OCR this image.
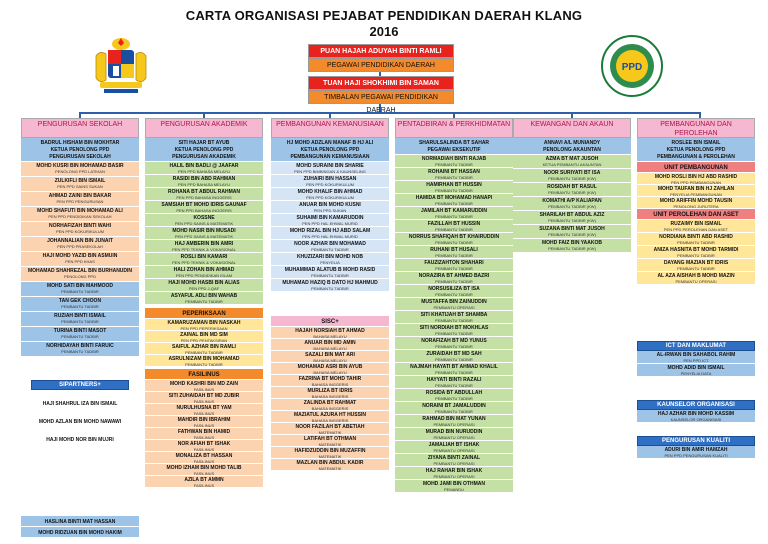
CARTA ORGANISASI PEJABAT PENDIDIKAN DAERAH KLANG
2016
PPD
PUAN HAJAH ADUYAH BINTI RAMLI
PEGAWAI PENDIDIKAN DAERAH
TUAN HAJI SHOKHIMI BIN SAMAN
TIMBALAN PEGAWAI PENDIDIKAN DAERAH
PENGURUSAN SEKOLAH
BADRUL HISHAM BIN MOKHTAR
KETUA PENOLONG PPD
PENGURUSAN SEKOLAH
MOHD KUSRI BIN MOHAMAD BASIR
PENOLONG PPD LATIHAN
ZULKIFLI BIN ISMAIL
PEN PPD SAINS SUKAN
AHMAD ZAINI BIN BAKAR
PEN PPD PENGURUSAN
MOHD SHAFUTI BIN MOHAMAD ALI
PEN PPD PENDIDIKAN SEKOLAH
NORHAFIZAH BINTI WAHI
PEN PPD KOKURIKULUM
JOHANNALIAN BIN JUNAIT
PEN PPD PRASEKOLAH
HAJI MOHD YAZID BIN ASMUIN
PEN PPD KHAS
MOHAMAD SHAHREZAL BIN BURHANUDIN
PENOLONG PPD
MOHD SATI BIN MAHMOOD
PEMBANTU TADBIR
TAN GEK CHOON
PEMBANTU TADBIR
RUZIAH BINTI ISMAIL
PEMBANTU TADBIR
TURINA BINTI MASOT
PEMBANTU TADBIR
NORHIDAYAH BINTI FARUIC
PEMBANTU TADBIR
PENGURUSAN AKADEMIK
SITI HAJAR BT AYUB
KETUA PENOLONG PPD
PENGURUSAN AKADEMIK
HALIL BIN BADLI @ JAAFAR
PEN PPD BAHASA MELAYU
RASIDI BIN ABD RAHMAN
PEN PPD BAHASA MELAYU
ROHANA BT ABDUL RAHMAN
PEN PPD BAHASA INGGERIS
SAMSIAH BT MOHD IDRIS GAUNAF
PEN PPD BAHASA INGGERIS
KOSSNE
PEN PPD SAINS & MATEMATIK
MOHD NASIR BIN MUSADI
PEN PPD SAINS & MATEMATIK
HAJ AMBERIN BIN AMRI
PEN PPD TEKNIK & VOKASIONAL
ROSLI BIN KAMARI
PEN PPD TEKNIK & VOKASIONAL
HALI ZOHAN BIN AHMAD
PEN PPD PENDIDIKAN ISLAM
HAJI MOHD HASBI BIN ALIAS
PEN PPD J-QAF
ASYAFUL ADLI BIN WAHAB
PEMBANTU TADBIR
PEPERIKSAAN
KAMARUZAMAN BIN NASKAH
PEN PPD PEPERIKSAAN
ZAINAL BIN MD SIM
PEN PPD PENTAKSIRAN
SAIFUL AZHAR BIN RAMLI
PEMBANTU TADBIR
ASRULNIZAM BIN MOHAMAD
PEMBANTU TADBIR
FASILINUS
MOHD KASHRI BIN MD ZAIN
FASILINUS
SITI ZUHAIDAH BT MD ZUBIR
FASILINUS
NURULHUSNA BT YAM
FASILINUS
MAHDIR BIN IBRAHIM
FASILINUS
FATHWAN BIN HAMID
FASILINUS
NOR AFIAH BT ISHAK
FASILINUS
MONALIZA BT HASSAN
FASILINUS
MOHD IZHAM BIN MOHD TALIB
FASILINUS
AZILA BT AMMN
FASILINUS
PEMBANGUNAN KEMANUSIAAN
HJ MOHD ADZLAN MANAF B HJ ALI
KETUA PENOLONG PPD
PEMBANGUNAN KEMANUSIAAN
MOHD SURAINI BIN SHARIE
PEN PPD BIMBINGAN & KAUNSELING
ZUHAIRI BIN HASSAN
PEN PPD KOKURIKULUM
MOHD KHALIF BIN AHMAD
PEN PPD KOKURIKULUM
ANUAR BIN MOHD KUSNI
PEN PPD SUKAN
SUHAIMI BIN KAMARUDDIN
PEN PPD HAL EHWAL MURID
MOHD RIZAL BIN HJ ABD SALAM
PEN PPD HAL EHWAL MURID
NOOR AZHAR BIN MOHAMAD
PEMBANTU TADBIR
KHUZIZARI BIN MOHD NOB
PENYELIA
MUHAMMAD ALATUB B MOHD RASID
PEMBANTU TADBIR
MUHAMAD HAZIQ B DATO HJ MAHMUD
PEMBANTU TADBIR
SISC+
HAJAH NORSIAH BT AHMAD
BAHASA MELAYU
ANUAR BIN MD AMIN
BAHASA MELAYU
SAZALI BIN MAT ARI
BAHASA MELAYU
MOHAMAD ASRI BIN AYUB
BAHASA MELAYU
FAZRINA BT MOHD TAHIR
BAHASA INGGERIS
MURLIZA BT IDRIS
BAHASA INGGERIS
ZALINDA BT RAHMAT
BAHASA INGGERIS
MAZIATUL AZURA HT HUSSIN
BAHASA INGGERIS
NOOR FAZILAH BT ABETIAH
MATEMATIK
LATIFAH BT OTHMAN
MATEMATIK
HAFIDZUDDIN BIN MUZAFFIN
MATEMATIK
MAZLAN BIN ABDUL KADIR
MATEMATIK
PENTADBIRAN & PERKHIDMATAN
SHARULSALINDA BT SAHAR
PEGAWAI EKSEKUTIF
NORMADIAH BINTI RAJAB
PEMBANTU TADBIR
ROHAINI BT HASSAN
PEMBANTU TADBIR
HAMIRHAN BT HUSSIN
PEMBANTU TADBIR
HAMIDA BT MOHAMAD HANAPI
PEMBANTU TADBIR
JAMILAH BT KAMARUDDIN
PEMBANTU TADBIR
FAZILLAH BT HUSSIN
PEMBANTU TADBIR
NORRUS SHAFIQAH BT KHAIRUDDIN
PEMBANTU TADBIR
RUHANI BT HUSALI
PEMBANTU TADBIR
FAUZIZAHTON SHAHARI
PEMBANTU TADBIR
NORAZIRA BT AHMED BAZRI
PEMBANTU TADBIR
NORSUSILIZA BT ISA
PEMBANTU TADBIR
MUSTAFFA BIN ZAINUDDIN
PEMBANTU OPERASI
SITI KHATIJAH BT SHAMBA
PEMBANTU TADBIR
SITI NORDIAH BT MOKHLAS
PEMBANTU TADBIR
NORAFIZAH BT MD YUNUS
PEMBANTU TADBIR
ZURAIDAH BT MD SAH
PEMBANTU TADBIR
NAJMAH HAYATI BT AHMAD KHALIL
PEMBANTU TADBIR
HAYYATI BINTI RAZALI
PEMBANTU TADBIR
ROSIDA BT ABDULLAH
PEMBANTU TADBIR
NORAINI BT JAMALUDDIN
PEMBANTU TADBIR
RAHMAD BIN MAT YUNAN
PEMBANTU OPERASI
MURAD BIN NURUDDIN
PEMBANTU OPERASI
JAMALIAH BT ISHAK
PEMBANTU OPERASI
ZIYANA BINTI ZAINAL
PEMBANTU OPERASI
HAJ RAHAR BIN ISHAK
PEMBANTU OPERASI
MOHD JAMI BIN OTHMAN
PEMANDU
KEWANGAN DAN AKAUN
ANNAVI A/L MUNIANDY
PENOLONG AKAUNTAN
AZMA BT MAT JUSOH
KETUA PEMBANTU AKAUNTAN
NOOR SURIYATI BT ISA
PEMBANTU TADBIR (KW)
ROSIDAH BT RASUL
PEMBANTU TADBIR (KW)
KOMATHI A/P KALIAPAN
PEMBANTU TADBIR (KW)
SHARILAH BT ABDUL AZIZ
PEMBANTU TADBIR (KW)
SUZANA BINTI MAT JUSOH
PEMBANTU TADBIR (KW)
MOHD FAIZ BIN YAAKOB
PEMBANTU TADBIR (KW)
PEMBANGUNAN DAN PEROLEHAN
ROSLEE BIN ISMAIL
KETUA PENOLONG PPD
PEMBANGUNAN & PEROLEHAN
UNIT PEMBANGUNAN
MOHD ROSLI BIN HJ ABD RASHID
PEN PPD PEMBANGUNAN
MOHD TAUFAN BIN HJ ZAHLAN
PENYELIA PEMBANGUNAN
MOHD ARIFFIN MOHD TAUSIN
PENOLONG JURUTERA
UNIT PEROLEHAN DAN ASET
RUZAIMY BIN ISMAIL
PEN PPD PEROLEHAN DAN ASET
NORDIANA BINTI ABD RASHID
PEMBANTU TADBIR
ANIZA HASNITA BT MOHD TARMIDI
PEMBANTU TADBIR
DAYANG MAZIAN BT IDRIS
PEMBANTU TADBIR
AL AZA AISHAH B MOHD MAZIN
PEMBANTU OPERASI
SIPARTNERS+
HAJI SHAHRUL IZA BIN ISMAIL
MOHD AZLAN BIN MOHD NAWAWI
HAJI MOHD NOR BIN MUJRI
HASLINA BINTI MAT HASSAN
MOHD RIDZUAN BIN MOHD HAKIM
ICT DAN MAKLUMAT
AL-IRWAN BIN SAHABOL RAHIM
PEN PPD ICT
MOHD ADID BIN ISMAIL
PENYELIA DATA
KAUNSELOR ORGANISASI
HAJ AZHAR BIN MOHD KASSIM
KAUNSELOR ORGANISASI
PENGURUSAN KUALITI
ADURI BIN AMIR HAMZAH
PEN PPD PENGURUSAN KUALITI
